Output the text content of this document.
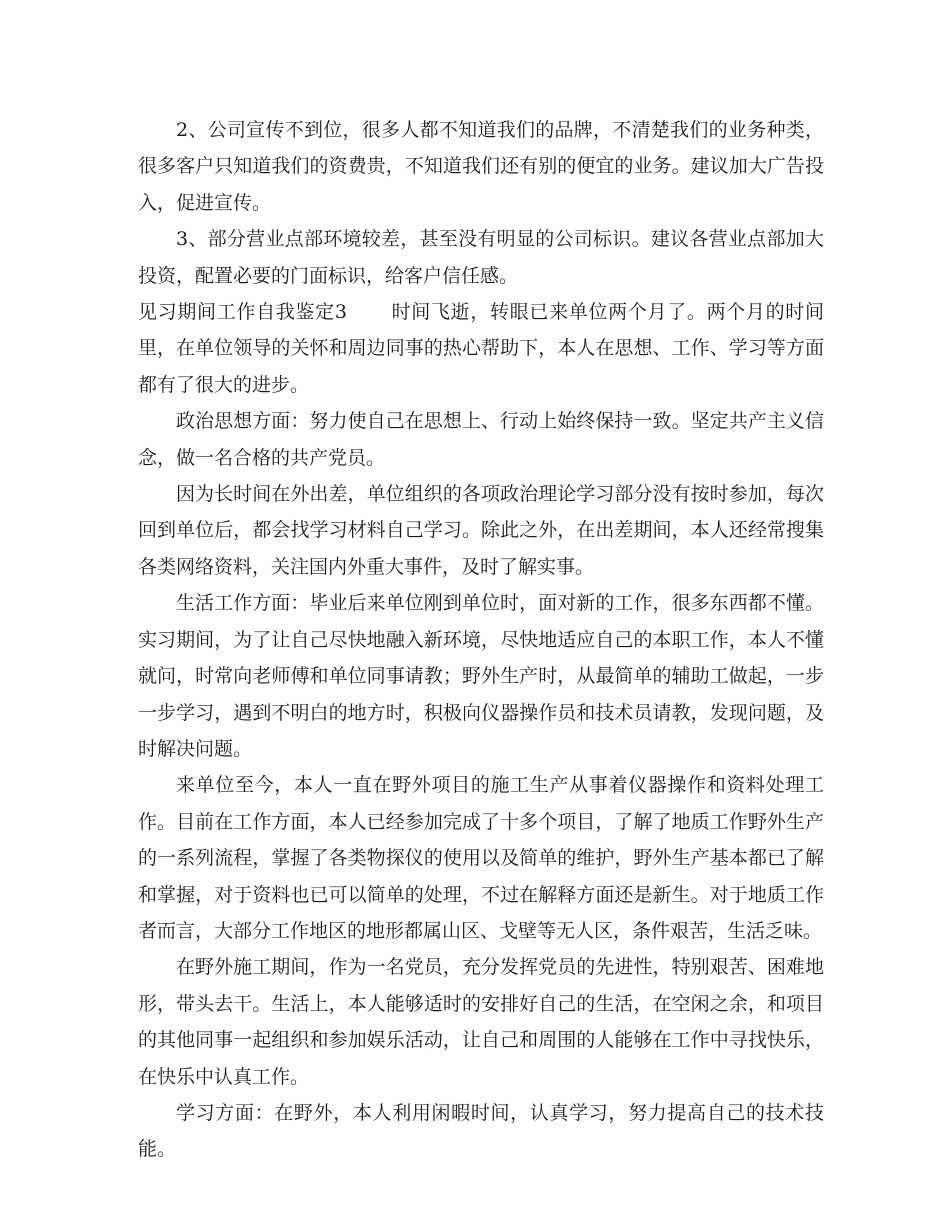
2、公司宣传不到位，很多人都不知道我们的品牌，不清楚我们的业务种类，很多客户只知道我们的资费贵，不知道我们还有别的便宜的业务。建议加大广告投入，促进宣传。

3、部分营业点部环境较差，甚至没有明显的公司标识。建议各营业点部加大投资，配置必要的门面标识，给客户信任感。

见习期间工作自我鉴定3 时间飞逝，转眼已来单位两个月了。两个月的时间里，在单位领导的关怀和周边同事的热心帮助下，本人在思想、工作、学习等方面都有了很大的进步。

政治思想方面：努力使自己在思想上、行动上始终保持一致。坚定共产主义信念，做一名合格的共产党员。

因为长时间在外出差，单位组织的各项政治理论学习部分没有按时参加，每次回到单位后，都会找学习材料自己学习。除此之外，在出差期间，本人还经常搜集各类网络资料，关注国内外重大事件，及时了解实事。

生活工作方面：毕业后来单位刚到单位时，面对新的工作，很多东西都不懂。实习期间，为了让自己尽快地融入新环境，尽快地适应自己的本职工作，本人不懂就问，时常向老师傅和单位同事请教；野外生产时，从最简单的辅助工做起，一步一步学习，遇到不明白的地方时，积极向仪器操作员和技术员请教，发现问题，及时解决问题。

来单位至今，本人一直在野外项目的施工生产从事着仪器操作和资料处理工作。目前在工作方面，本人已经参加完成了十多个项目，了解了地质工作野外生产的一系列流程，掌握了各类物探仪的使用以及简单的维护，野外生产基本都已了解和掌握，对于资料也已可以简单的处理，不过在解释方面还是新生。对于地质工作者而言，大部分工作地区的地形都属山区、戈壁等无人区，条件艰苦，生活乏味。

在野外施工期间，作为一名党员，充分发挥党员的先进性，特别艰苦、困难地形，带头去干。生活上，本人能够适时的安排好自己的生活，在空闲之余，和项目的其他同事一起组织和参加娱乐活动，让自己和周围的人能够在工作中寻找快乐，在快乐中认真工作。

学习方面：在野外，本人利用闲暇时间，认真学习，努力提高自己的技术技能。
